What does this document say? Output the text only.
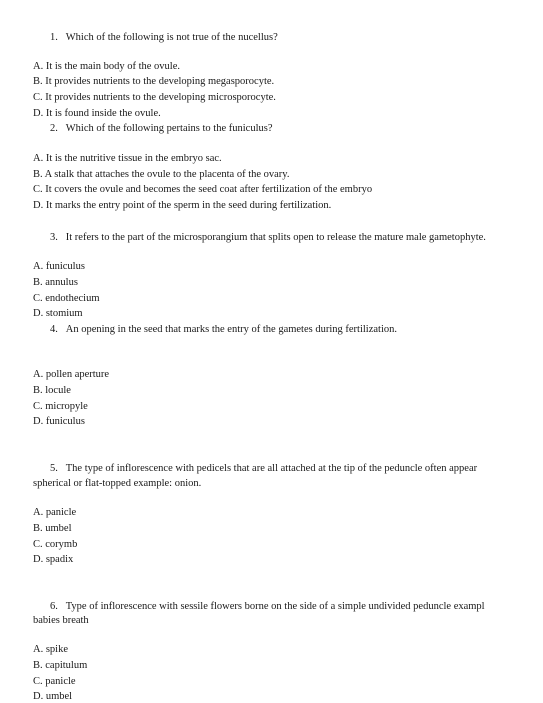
1. Which of the following is not true of the nucellus?
A. It is the main body of the ovule.
B. It provides nutrients to the developing megasporocyte.
C. It provides nutrients to the developing microsporocyte.
D. It is found inside the ovule.
2. Which of the following pertains to the funiculus?
A. It is the nutritive tissue in the embryo sac.
B. A stalk that attaches the ovule to the placenta of the ovary.
C. It covers the ovule and becomes the seed coat after fertilization of the embryo
D. It marks the entry point of the sperm in the seed during fertilization.
3. It refers to the part of the microsporangium that splits open to release the mature male gametophyte.
A. funiculus
B. annulus
C. endothecium
D. stomium
4. An opening in the seed that marks the entry of the gametes during fertilization.
A. pollen aperture
B. locule
C. micropyle
D. funiculus
5. The type of inflorescence with pedicels that are all attached at the tip of the peduncle often appear
spherical or flat-topped example: onion.
A. panicle
B. umbel
C. corymb
D. spadix
6. Type of inflorescence with sessile flowers borne on the side of a simple undivided peduncle exampl
babies breath
A. spike
B. capitulum
C. panicle
D. umbel
